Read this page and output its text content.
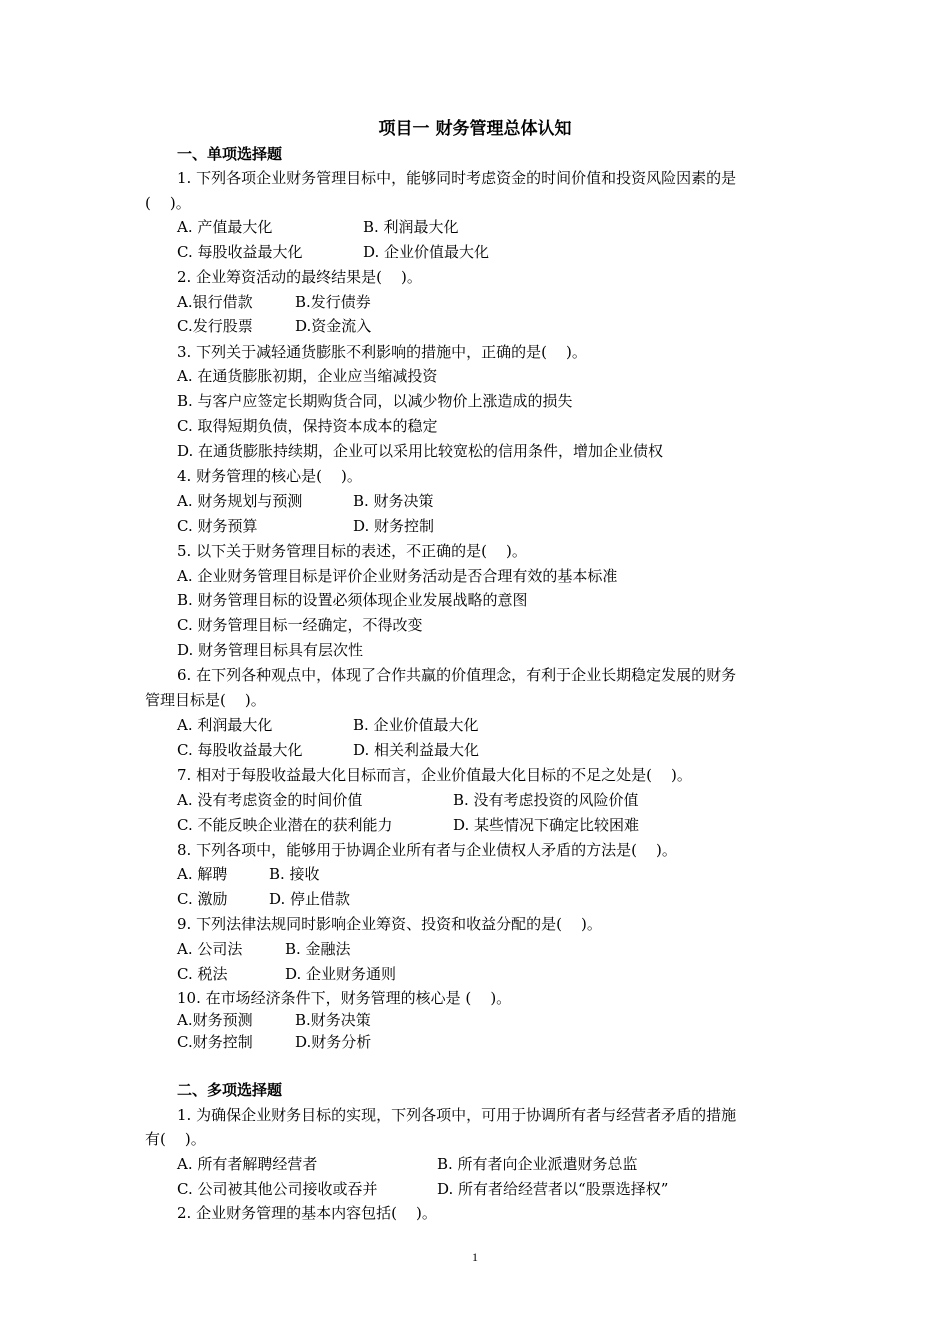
项目一 财务管理总体认知
一、单项选择题
1. 下列各项企业财务管理目标中，能够同时考虑资金的时间价值和投资风险因素的是
(    )。
A. 产值最大化	B. 利润最大化
C. 每股收益最大化	D. 企业价值最大化
2. 企业筹资活动的最终结果是(    )。
A.银行借款	B.发行债券
C.发行股票	D.资金流入
3. 下列关于减轻通货膨胀不利影响的措施中，正确的是(    )。
A. 在通货膨胀初期，企业应当缩减投资
B. 与客户应签定长期购货合同，以减少物价上涨造成的损失
C. 取得短期负债，保持资本成本的稳定
D. 在通货膨胀持续期，企业可以采用比较宽松的信用条件，增加企业债权
4. 财务管理的核心是(    )。
A. 财务规划与预测	B. 财务决策
C. 财务预算	D. 财务控制
5. 以下关于财务管理目标的表述，不正确的是(    )。
A. 企业财务管理目标是评价企业财务活动是否合理有效的基本标准
B. 财务管理目标的设置必须体现企业发展战略的意图
C. 财务管理目标一经确定，不得改变
D. 财务管理目标具有层次性
6. 在下列各种观点中，体现了合作共赢的价值理念，有利于企业长期稳定发展的财务
管理目标是(    )。
A. 利润最大化	B. 企业价值最大化
C. 每股收益最大化	D. 相关利益最大化
7. 相对于每股收益最大化目标而言，企业价值最大化目标的不足之处是(    )。
A. 没有考虑资金的时间价值	B. 没有考虑投资的风险价值
C. 不能反映企业潜在的获利能力	D. 某些情况下确定比较困难
8. 下列各项中，能够用于协调企业所有者与企业债权人矛盾的方法是(    )。
A. 解聘	B. 接收
C. 激励	D. 停止借款
9. 下列法律法规同时影响企业筹资、投资和收益分配的是(    )。
A. 公司法	B. 金融法
C. 税法	D. 企业财务通则
10. 在市场经济条件下，财务管理的核心是 (    )。
A.财务预测	B.财务决策
C.财务控制	D.财务分析
二、多项选择题
1. 为确保企业财务目标的实现，下列各项中，可用于协调所有者与经营者矛盾的措施
有(    )。
A. 所有者解聘经营者	B. 所有者向企业派遣财务总监
C. 公司被其他公司接收或吞并	D. 所有者给经营者以“股票选择权”
2. 企业财务管理的基本内容包括(    )。
1
